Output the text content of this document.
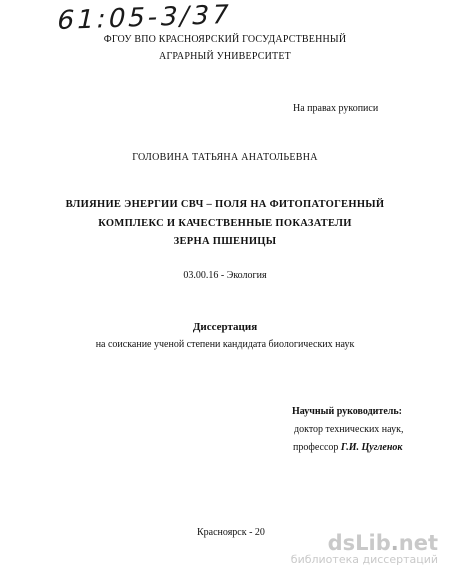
61:05-3/37
ФГОУ ВПО КРАСНОЯРСКИЙ ГОСУДАРСТВЕННЫЙ
АГРАРНЫЙ УНИВЕРСИТЕТ
На правах рукописи
ГОЛОВИНА ТАТЬЯНА АНАТОЛЬЕВНА
ВЛИЯНИЕ ЭНЕРГИИ СВЧ – ПОЛЯ НА ФИТОПАТОГЕННЫЙ
КОМПЛЕКС И КАЧЕСТВЕННЫЕ ПОКАЗАТЕЛИ
ЗЕРНА ПШЕНИЦЫ
03.00.16 - Экология
Диссертация
на соискание ученой степени кандидата биологических наук
Научный руководитель:
доктор технических наук,
профессор Г.И. Цугленок
Красноярск - 20	dsLib.net
библиотека диссертаций
